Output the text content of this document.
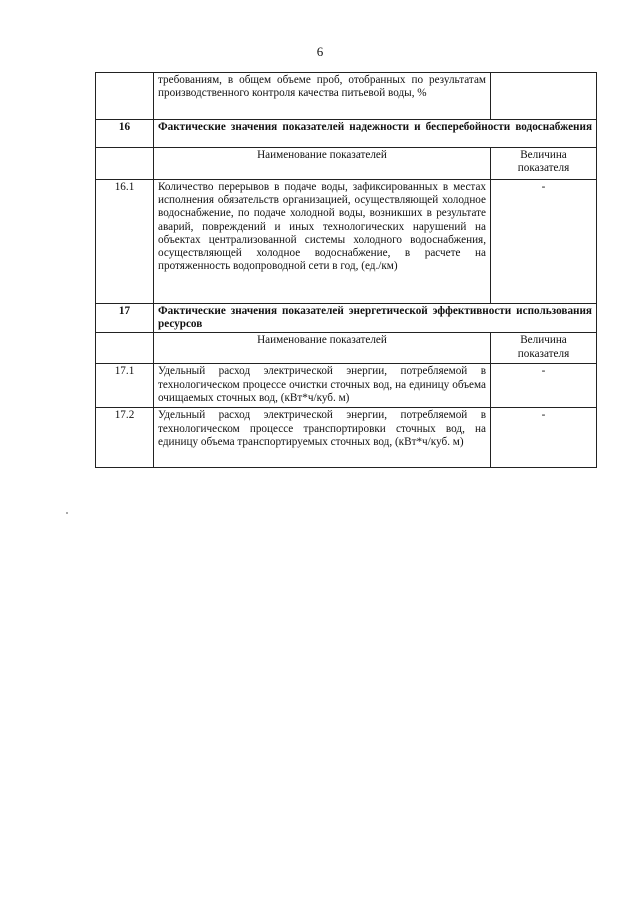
6
	требованиям, в общем объеме проб, отобранных по результатам производственного контроля качества питьевой воды, %	
16	Фактические значения показателей надежности и бесперебойности водоснабжения	
	Наименование показателей	Величина показателя
16.1	Количество перерывов в подаче воды, зафиксированных в местах исполнения обязательств организацией, осуществляющей холодное водоснабжение, по подаче холодной воды, возникших в результате аварий, повреждений и иных технологических нарушений на объектах централизованной системы холодного водоснабжения, осуществляющей холодное водоснабжение, в расчете на протяженность водопроводной сети в год, (ед./км)	-
17	Фактические значения показателей энергетической эффективности использования ресурсов	
	Наименование показателей	Величина показателя
17.1	Удельный расход электрической энергии, потребляемой в технологическом процессе очистки сточных вод, на единицу объема очищаемых сточных вод, (кВт*ч/куб. м)	-
17.2	Удельный расход электрической энергии, потребляемой в технологическом процессе транспортировки сточных вод, на единицу объема транспортируемых сточных вод, (кВт*ч/куб. м)	-
